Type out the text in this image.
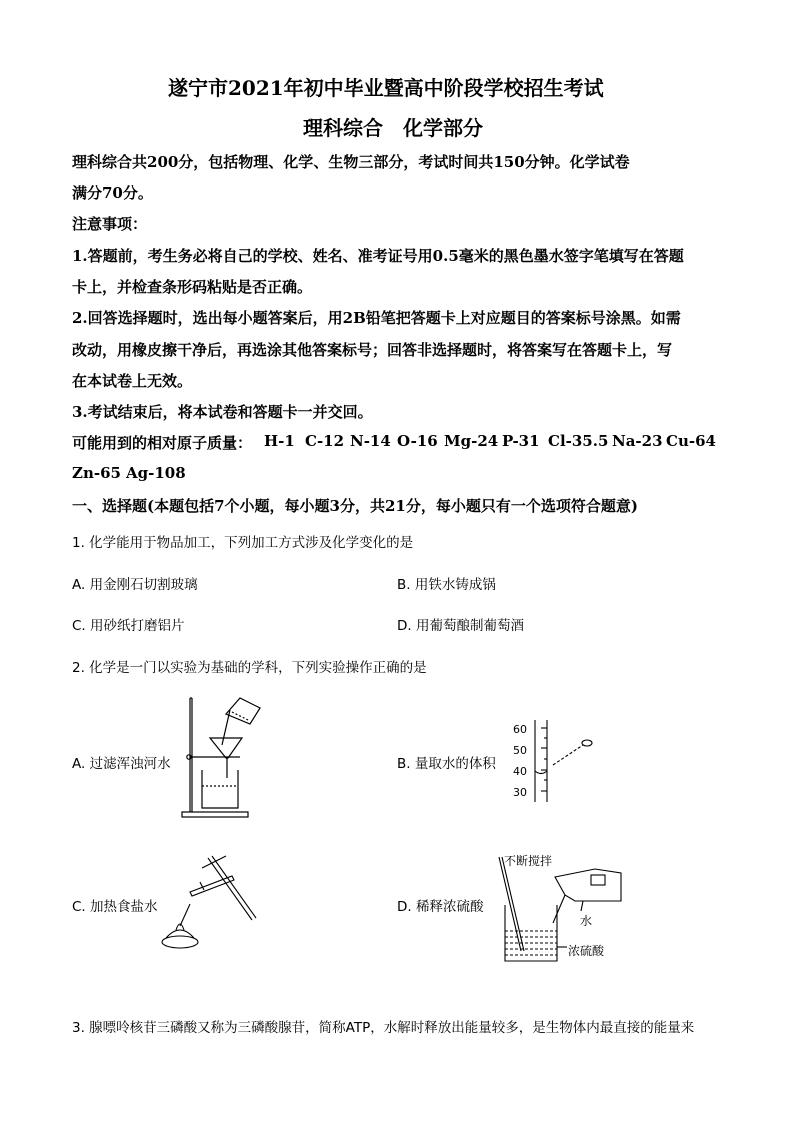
遂宁市2021年初中毕业暨高中阶段学校招生考试
理科综合　化学部分
理科综合共200分，包括物理、化学、生物三部分，考试时间共150分钟。化学试卷
满分70分。
注意事项：
1.答题前，考生务必将自己的学校、姓名、准考证号用0.5毫米的黑色墨水签字笔填写在答题
卡上，并检查条形码粘贴是否正确。
2.回答选择题时，选出每小题答案后，用2B铅笔把答题卡上对应题目的答案标号涂黑。如需
改动，用橡皮擦干净后，再选涂其他答案标号；回答非选择题时，将答案写在答题卡上，写
在本试卷上无效。
3.考试结束后，将本试卷和答题卡一并交回。
可能用到的相对原子质量： H-1 C-12 N-14 O-16 Mg-24 P-31 Cl-35.5 Na-23 Cu-64
Zn-65 Ag-108
一、选择题(本题包括7个小题，每小题3分，共21分，每小题只有一个选项符合题意)
1. 化学能用于物品加工，下列加工方式涉及化学变化的是
A. 用金刚石切割玻璃	B. 用铁水铸成锅
C. 用砂纸打磨铝片	D. 用葡萄酿制葡萄酒
2. 化学是一门以实验为基础的学科，下列实验操作正确的是
A. 过滤浑浊河水	B. 量取水的体积
60
50
40
30
C. 加热食盐水	D. 稀释浓硫酸
不断搅拌
水
浓硫酸
3. 腺嘌呤核苷三磷酸又称为三磷酸腺苷，简称ATP，水解时释放出能量较多，是生物体内最直接的能量来
